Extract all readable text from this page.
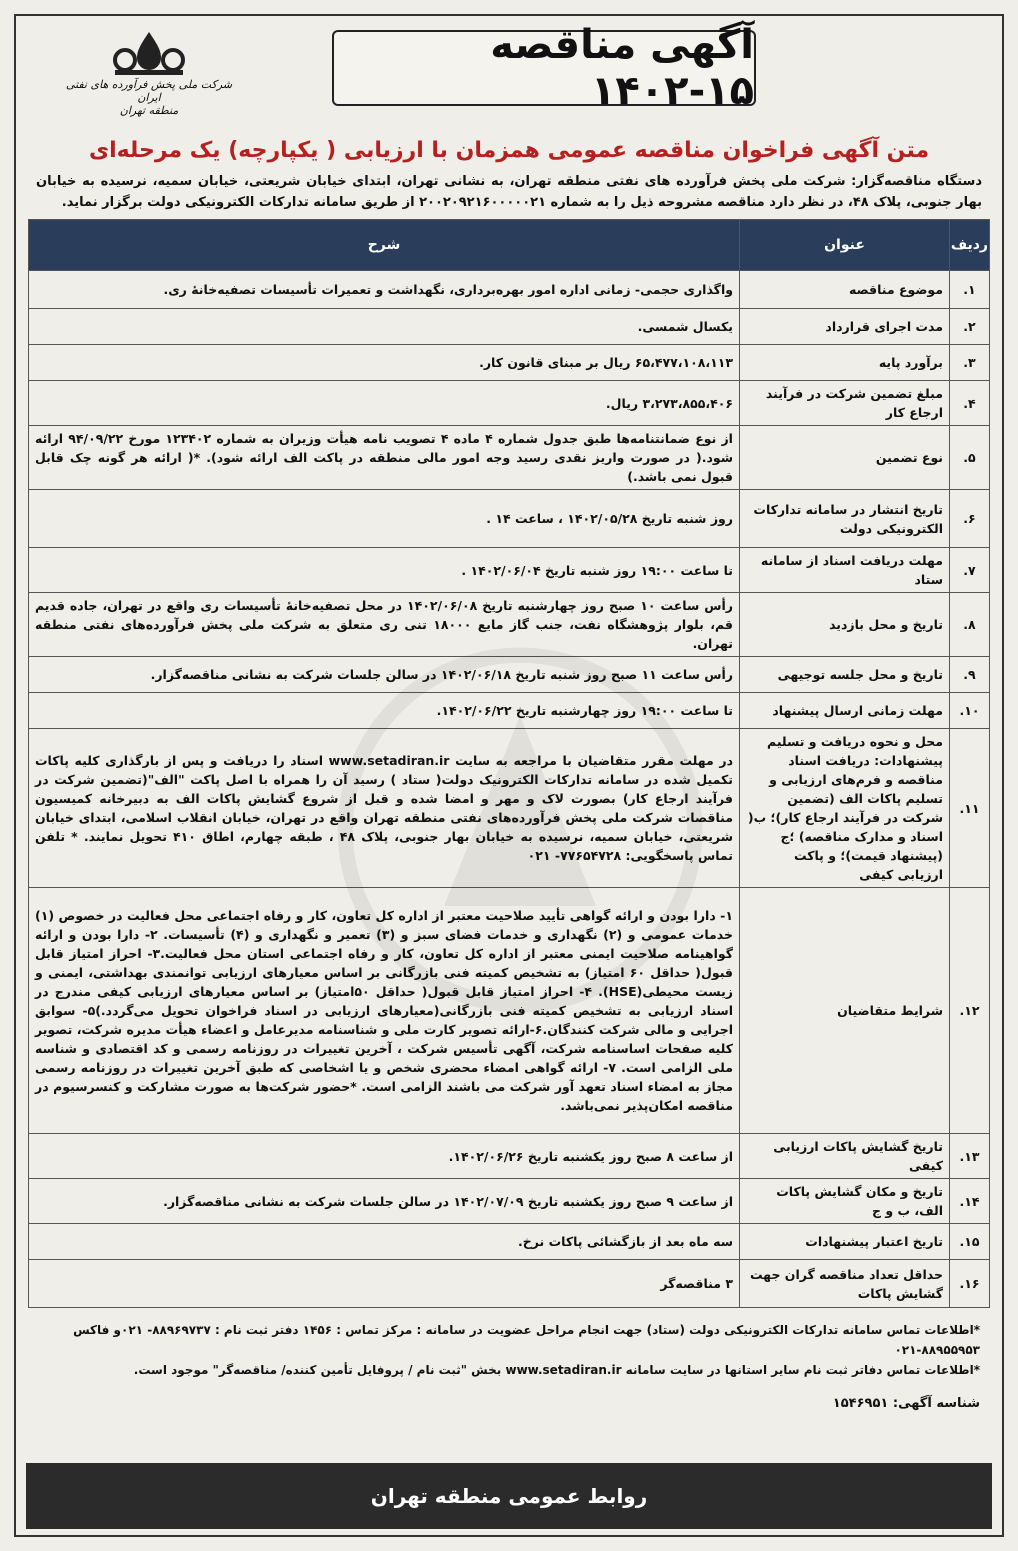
آگهی مناقصه ۱۵-۱۴۰۲
شرکت ملی پخش فرآورده های نفتی ایران
منطقه تهران
متن آگهی فراخوان مناقصه عمومی همزمان با ارزیابی ( یکپارچه) یک مرحله‌ای
دستگاه مناقصه‌گزار: شرکت ملی پخش فرآورده های نفتی منطقه تهران، به نشانی تهران، ابتدای خیابان شریعتی، خیابان سمیه، نرسیده به خیابان بهار جنوبی، پلاک ۴۸، در نظر دارد مناقصه مشروحه ذیل را به شماره ۲۰۰۲۰۹۲۱۶۰۰۰۰۰۲۱ از طریق سامانه تدارکات الکترونیکی دولت برگزار نماید.
ردیف	عنوان	شرح
۱.	موضوع مناقصه	واگذاری حجمی- زمانی اداره امور بهره‌برداری، نگهداشت و تعمیرات تأسیسات تصفیه‌خانهٔ ری.
۲.	مدت اجرای قرارداد	یکسال شمسی.
۳.	برآورد پایه	۶۵،۴۷۷،۱۰۸،۱۱۳ ریال بر مبنای قانون کار.
۴.	مبلغ تضمین شرکت در فرآیند ارجاع کار	۳،۲۷۳،۸۵۵،۴۰۶ ریال.
۵.	نوع تضمین	از نوع ضمانتنامه‌ها طبق جدول شماره ۴ ماده ۴ تصویب نامه هیأت وزیران به شماره ۱۲۳۴۰۲ مورخ ۹۴/۰۹/۲۲ ارائه شود.( در صورت واریز نقدی رسید وجه امور مالی منطقه در پاکت الف ارائه شود). *( ارائه هر گونه چک قابل قبول نمی باشد.)
۶.	تاریخ انتشار در سامانه تدارکات الکترونیکی دولت	روز شنبه تاریخ ۱۴۰۲/۰۵/۲۸ ، ساعت ۱۴ .
۷.	مهلت دریافت اسناد از سامانه ستاد	تا ساعت ۱۹:۰۰ روز شنبه تاریخ ۱۴۰۲/۰۶/۰۴ .
۸.	تاریخ و محل بازدید	رأس ساعت ۱۰ صبح روز چهارشنبه تاریخ ۱۴۰۲/۰۶/۰۸ در محل تصفیه‌خانهٔ تأسیسات ری واقع در تهران، جاده قدیم قم، بلوار پژوهشگاه نفت، جنب گاز مایع ۱۸۰۰۰ تنی ری متعلق به شرکت ملی پخش فرآورده‌های نفتی منطقه تهران.
۹.	تاریخ و محل جلسه توجیهی	رأس ساعت ۱۱ صبح روز شنبه تاریخ ۱۴۰۲/۰۶/۱۸ در سالن جلسات شرکت به نشانی مناقصه‌گزار.
۱۰.	مهلت زمانی ارسال پیشنهاد	تا ساعت ۱۹:۰۰ روز چهارشنبه تاریخ ۱۴۰۲/۰۶/۲۲.
۱۱.	محل و نحوه دریافت و تسلیم پیشنهادات: دریافت اسناد مناقصه و فرم‌های ارزیابی و تسلیم پاکات الف (تضمین شرکت در فرآیند ارجاع کار)؛ ب( اسناد و مدارک مناقصه) ؛ج (پیشنهاد قیمت)؛ و پاکت ارزیابی کیفی	در مهلت مقرر متقاضیان با مراجعه به سایت www.setadiran.ir اسناد را دریافت و پس از بارگذاری کلیه پاکات تکمیل شده در سامانه تدارکات الکترونیک دولت( ستاد ) رسید آن را همراه با اصل پاکت "الف"(تضمین شرکت در فرآیند ارجاع کار) بصورت لاک و مهر و امضا شده و قبل از شروع گشایش پاکات الف به دبیرخانه کمیسیون مناقصات شرکت ملی پخش فرآورده‌های نفتی منطقه تهران واقع در تهران، خیابان انقلاب اسلامی، ابتدای خیابان شریعتی، خیابان سمیه، نرسیده به خیابان بهار جنوبی، پلاک ۴۸ ، طبقه چهارم، اطاق ۴۱۰ تحویل نمایند. * تلفن تماس پاسخگویی: ۷۷۶۵۴۷۲۸- ۰۲۱
۱۲.	شرایط متقاضیان	۱- دارا بودن و ارائه گواهی تأیید صلاحیت معتبر از اداره کل تعاون، کار و رفاه اجتماعی محل فعالیت در خصوص (۱) خدمات عمومی و (۲) نگهداری و خدمات فضای سبز و (۳) تعمیر و نگهداری و (۴) تأسیسات. ۲- دارا بودن و ارائه گواهینامه صلاحیت ایمنی معتبر از اداره کل تعاون، کار و رفاه اجتماعی استان محل فعالیت.۳- احراز امتیاز قابل قبول( حداقل ۶۰ امتیاز) به تشخیص کمیته فنی بازرگانی بر اساس معیارهای ارزیابی توانمندی بهداشتی، ایمنی و زیست محیطی(HSE). ۴- احراز امتیاز قابل قبول( حداقل ۵۰امتیاز) بر اساس معیارهای ارزیابی کیفی مندرج در اسناد ارزیابی به تشخیص کمیته فنی بازرگانی(معیارهای ارزیابی در اسناد فراخوان تحویل می‌گردد.)۵- سوابق اجرایی و مالی شرکت کنندگان.۶-ارائه تصویر کارت ملی و شناسنامه مدیرعامل و اعضاء هیأت مدیره شرکت، تصویر کلیه صفحات اساسنامه شرکت، آگهی تأسیس شرکت ، آخرین تغییرات در روزنامه رسمی و کد اقتصادی و شناسه ملی الزامی است. ۷- ارائه گواهی امضاء محضری شخص و یا اشخاصی که طبق آخرین تغییرات در روزنامه رسمی مجاز به امضاء اسناد تعهد آور شرکت می باشند الزامی است. *حضور شرکت‌ها به صورت مشارکت و کنسرسیوم در مناقصه امکان‌پذیر نمی‌باشد.
۱۳.	تاریخ گشایش پاکات ارزیابی کیفی	از ساعت ۸ صبح روز یکشنبه تاریخ ۱۴۰۲/۰۶/۲۶.
۱۴.	تاریخ و مکان گشایش پاکات الف، ب و ج	از ساعت ۹ صبح روز یکشنبه تاریخ ۱۴۰۲/۰۷/۰۹ در سالن جلسات شرکت به نشانی مناقصه‌گزار.
۱۵.	تاریخ اعتبار پیشنهادات	سه ماه بعد از بازگشائی پاکات نرخ.
۱۶.	حداقل تعداد مناقصه گران جهت گشایش پاکات	۳ مناقصه‌گر
*اطلاعات تماس سامانه تدارکات الکترونیکی دولت (ستاد) جهت انجام مراحل عضویت در سامانه : مرکز تماس : ۱۴۵۶ دفتر ثبت نام : ۸۸۹۶۹۷۳۷- ۰۲۱و فاکس ۸۸۹۵۵۹۵۳-۰۲۱
*اطلاعات تماس دفاتر ثبت نام سایر استانها در سایت سامانه www.setadiran.ir بخش "ثبت نام / پروفایل تأمین کننده/ مناقصه‌گر" موجود است.
شناسه آگهی: ۱۵۴۶۹۵۱
روابط عمومی منطقه تهران
